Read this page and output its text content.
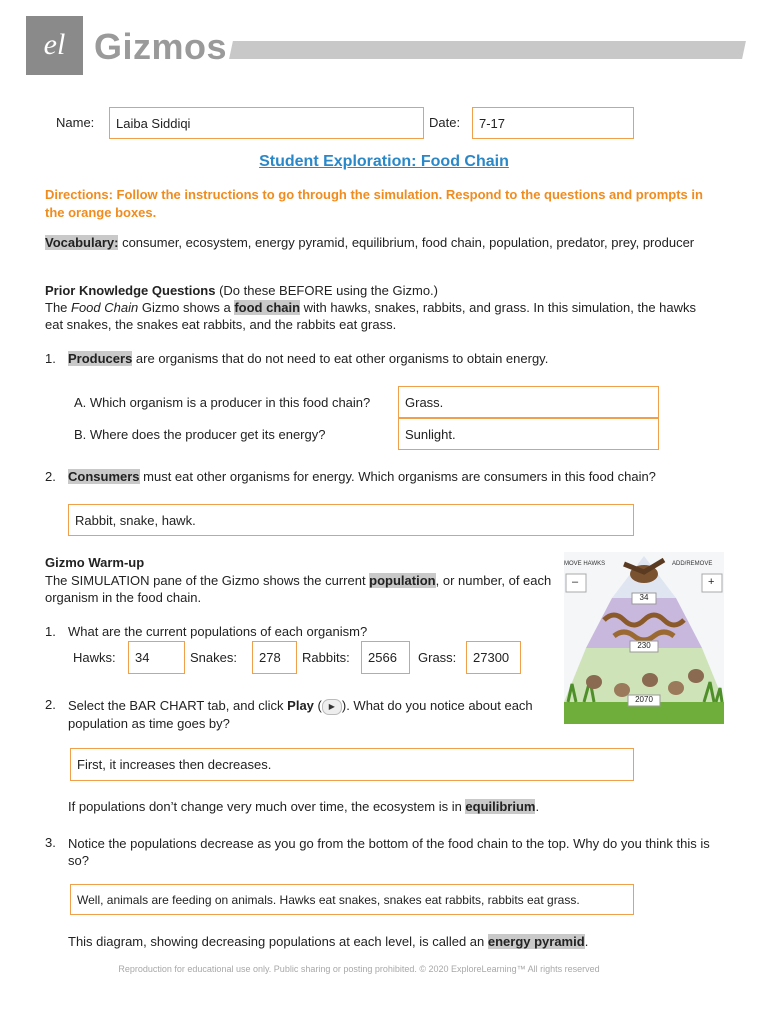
el Gizmos
Name:	Laiba Siddiqi	Date:	7-17
Student Exploration: Food Chain
Directions: Follow the instructions to go through the simulation. Respond to the questions and prompts in the orange boxes.
Vocabulary: consumer, ecosystem, energy pyramid, equilibrium, food chain, population, predator, prey, producer
Prior Knowledge Questions (Do these BEFORE using the Gizmo.)
The Food Chain Gizmo shows a food chain with hawks, snakes, rabbits, and grass. In this simulation, the hawks eat snakes, the snakes eat rabbits, and the rabbits eat grass.
1. Producers are organisms that do not need to eat other organisms to obtain energy.
A. Which organism is a producer in this food chain?	Grass.
B. Where does the producer get its energy?	Sunlight.
2. Consumers must eat other organisms for energy. Which organisms are consumers in this food chain?
Rabbit, snake, hawk.
Gizmo Warm-up
The SIMULATION pane of the Gizmo shows the current population, or number, of each organism in the food chain.
1. What are the current populations of each organism?
Hawks:	34	Snakes:	278	Rabbits:	2566	Grass:	27300
2. Select the BAR CHART tab, and click Play ( ▶ ). What do you notice about each population as time goes by?
First, it increases then decreases.
If populations don’t change very much over time, the ecosystem is in equilibrium.
3. Notice the populations decrease as you go from the bottom of the food chain to the top. Why do you think this is so?
Well, animals are feeding on animals. Hawks eat snakes, snakes eat rabbits, rabbits eat grass.
This diagram, showing decreasing populations at each level, is called an energy pyramid.
MOVE HAWKS	ADD/REMOVE
–	+
34
230
2070
Reproduction for educational use only. Public sharing or posting prohibited. © 2020 ExploreLearning™ All rights reserved
